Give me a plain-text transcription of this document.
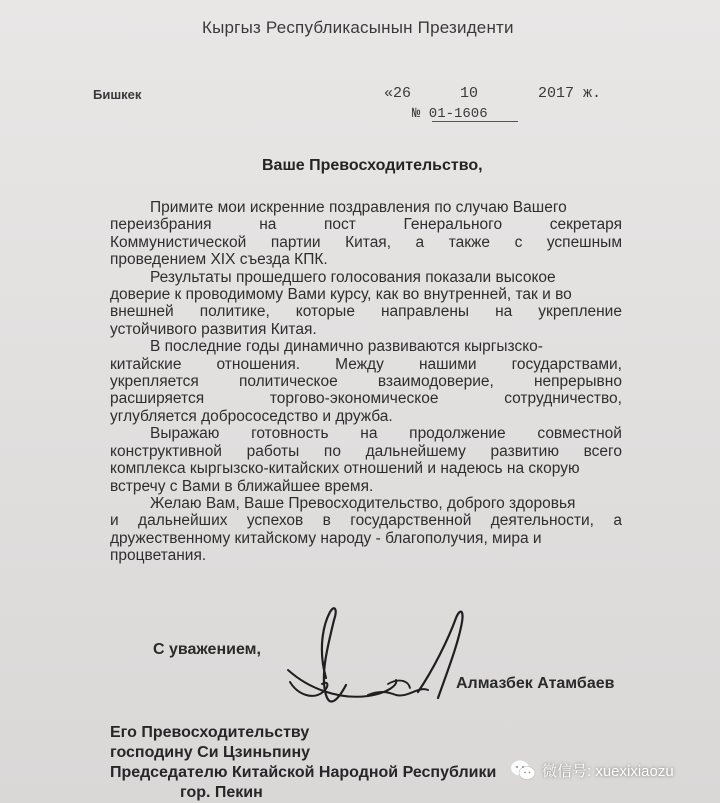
Кыргыз Республикасынын Президенти
Бишкек	«26	10	2017 ж.
№ 01-1606
Ваше Превосходительство,
Примите мои искренние поздравления по случаю Вашего
переизбрания	на	пост	Генерального	секретаря
Коммунистической партии Китая, а также с успешным
проведением XIX съезда КПК.
Результаты прошедшего голосования показали высокое
доверие к проводимому Вами курсу, как во внутренней, так и во
внешней политике, которые направлены на укрепление
устойчивого развития Китая.
В последние годы динамично развиваются кыргызско-
китайские отношения. Между нашими государствами,
укрепляется	политическое	взаимодоверие,	непрерывно
расширяется	торгово-экономическое	сотрудничество,
углубляется добрососедство и дружба.
Выражаю готовность на продолжение совместной
конструктивной работы по дальнейшему развитию всего
комплекса кыргызско-китайских отношений и надеюсь на скорую
встречу с Вами в ближайшее время.
Желаю Вам, Ваше Превосходительство, доброго здоровья
и дальнейших успехов в государственной деятельности, а
дружественному китайскому народу - благополучия, мира и
процветания.
С уважением,
Алмазбек Атамбаев
Его Превосходительству
господину Си Цзиньпину
Председателю Китайской Народной Республики
гор. Пекин
微信号: xuexixiaozu
